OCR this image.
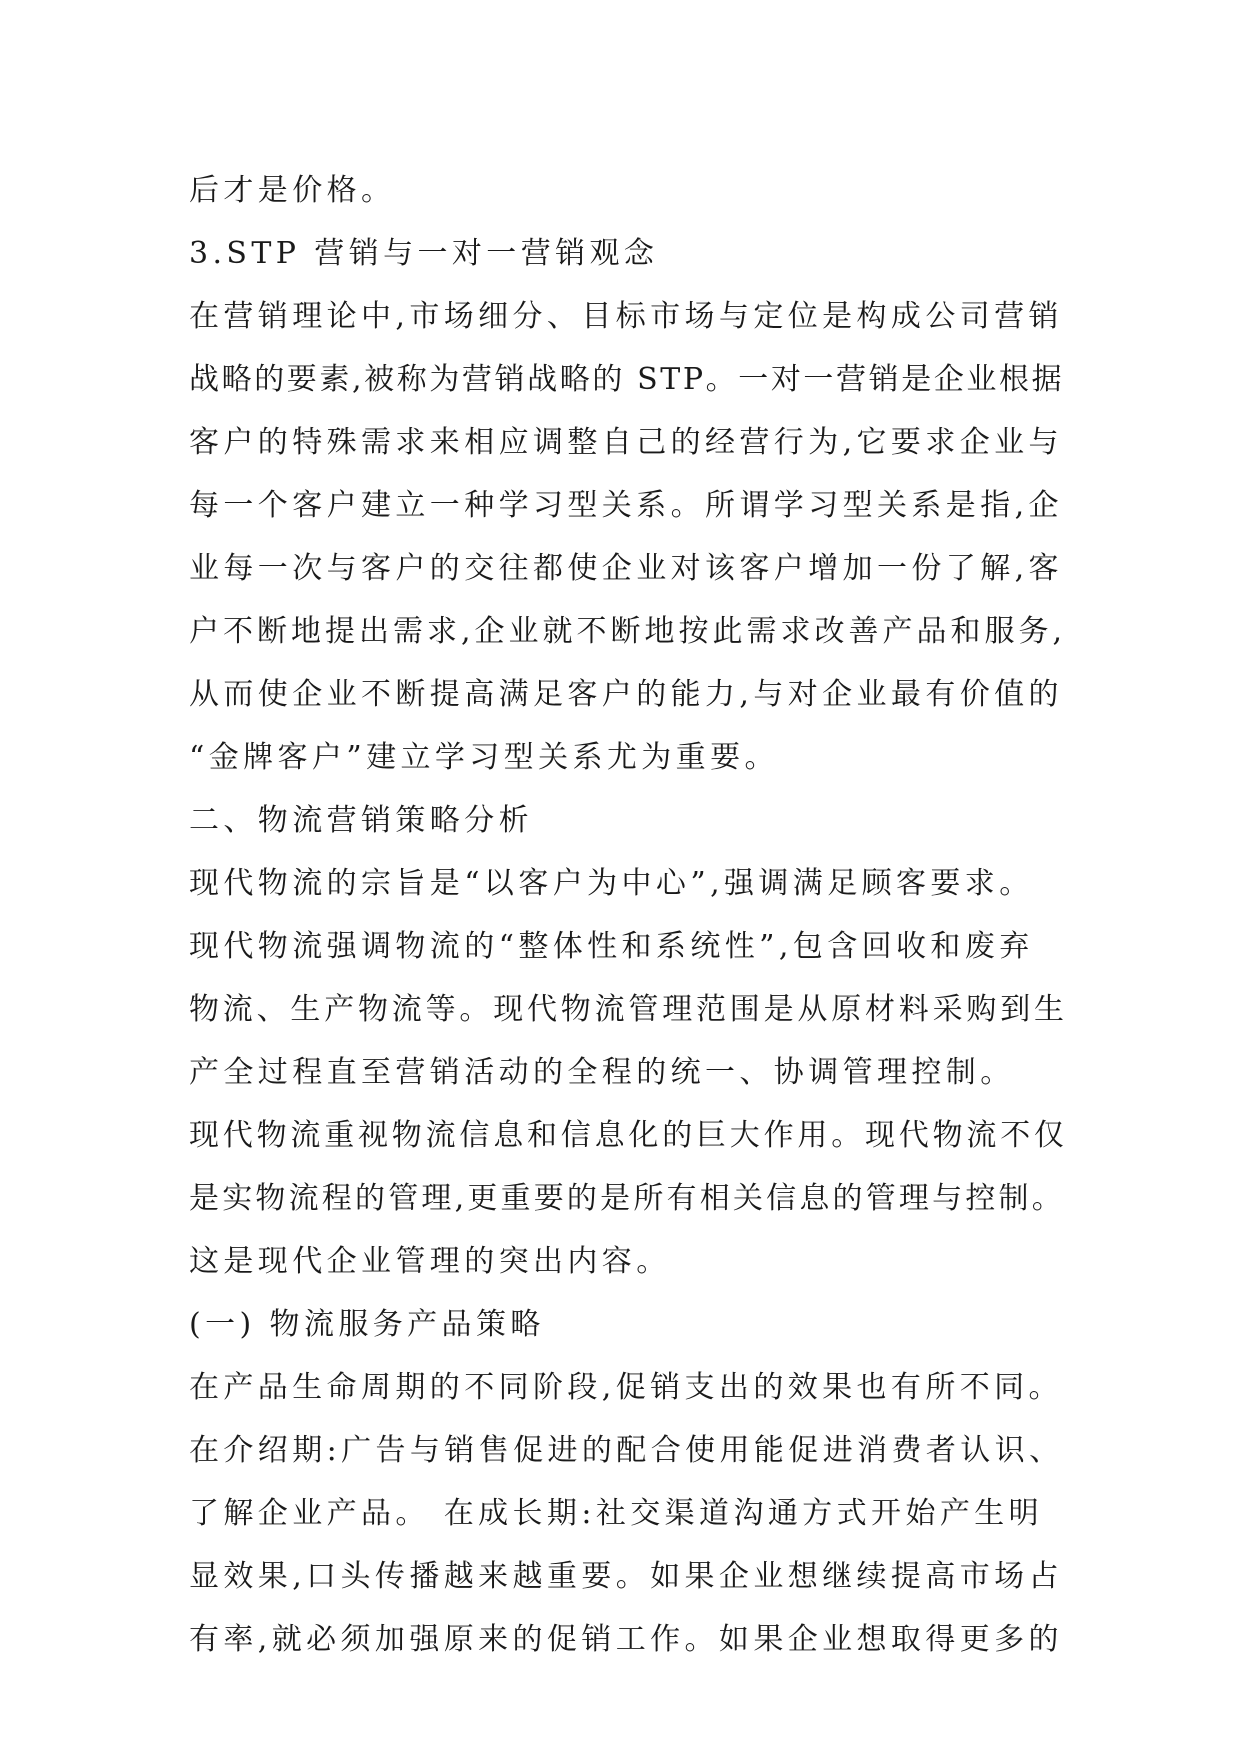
后才是价格。
3.STP 营销与一对一营销观念
在营销理论中,市场细分、目标市场与定位是构成公司营销
战略的要素,被称为营销战略的 STP。一对一营销是企业根据
客户的特殊需求来相应调整自己的经营行为,它要求企业与
每一个客户建立一种学习型关系。所谓学习型关系是指,企
业每一次与客户的交往都使企业对该客户增加一份了解,客
户不断地提出需求,企业就不断地按此需求改善产品和服务,
从而使企业不断提高满足客户的能力,与对企业最有价值的
“金牌客户”建立学习型关系尤为重要。
二、物流营销策略分析
现代物流的宗旨是“以客户为中心”,强调满足顾客要求。
现代物流强调物流的“整体性和系统性”,包含回收和废弃
物流、生产物流等。现代物流管理范围是从原材料采购到生
产全过程直至营销活动的全程的统一、协调管理控制。
现代物流重视物流信息和信息化的巨大作用。现代物流不仅
是实物流程的管理,更重要的是所有相关信息的管理与控制。
这是现代企业管理的突出内容。
(一) 物流服务产品策略
在产品生命周期的不同阶段,促销支出的效果也有所不同。
在介绍期:广告与销售促进的配合使用能促进消费者认识、
了解企业产品。 在成长期:社交渠道沟通方式开始产生明
显效果,口头传播越来越重要。如果企业想继续提高市场占
有率,就必须加强原来的促销工作。如果企业想取得更多的
